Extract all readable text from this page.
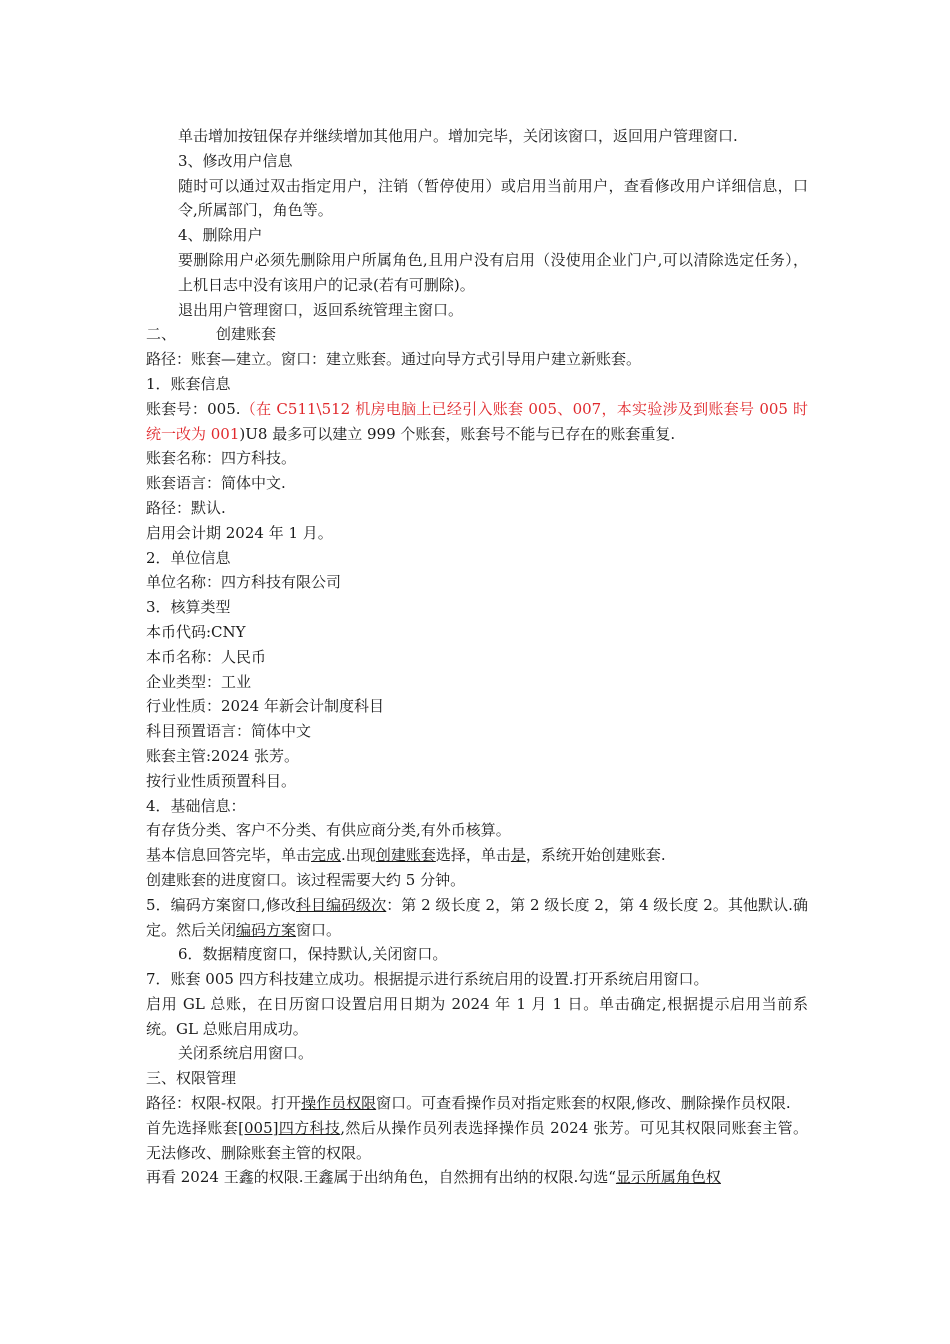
单击增加按钮保存并继续增加其他用户。增加完毕，关闭该窗口，返回用户管理窗口.

3、修改用户信息

随时可以通过双击指定用户，注销（暂停使用）或启用当前用户，查看修改用户详细信息，口令,所属部门，角色等。

4、删除用户

要删除用户必须先删除用户所属角色,且用户没有启用（没使用企业门户,可以清除选定任务），上机日志中没有该用户的记录(若有可删除)。

退出用户管理窗口，返回系统管理主窗口。

二、	创建账套

路径：账套—建立。窗口：建立账套。通过向导方式引导用户建立新账套。

1．账套信息

账套号：005.（在 C511\512 机房电脑上已经引入账套 005、007，本实验涉及到账套号 005 时统一改为 001)U8 最多可以建立 999 个账套，账套号不能与已存在的账套重复.

账套名称：四方科技。

账套语言：简体中文.

路径：默认.

启用会计期 2024 年 1 月。

2．单位信息

单位名称：四方科技有限公司

3．核算类型

本币代码:CNY

本币名称：人民币

企业类型：工业

行业性质：2024 年新会计制度科目

科目预置语言：简体中文

账套主管:2024 张芳。

按行业性质预置科目。

4．基础信息：

有存货分类、客户不分类、有供应商分类,有外币核算。

基本信息回答完毕，单击完成.出现创建账套选择，单击是，系统开始创建账套.

创建账套的进度窗口。该过程需要大约 5 分钟。

5．编码方案窗口,修改科目编码级次：第 2 级长度 2，第 2 级长度 2，第 4 级长度 2。其他默认.确定。然后关闭编码方案窗口。

6．数据精度窗口，保持默认,关闭窗口。

7．账套 005 四方科技建立成功。根据提示进行系统启用的设置.打开系统启用窗口。

启用 GL 总账，在日历窗口设置启用日期为 2024 年 1 月 1 日。单击确定,根据提示启用当前系统。GL 总账启用成功。

关闭系统启用窗口。

三、权限管理

路径：权限-权限。打开操作员权限窗口。可查看操作员对指定账套的权限,修改、删除操作员权限.

首先选择账套[005]四方科技,然后从操作员列表选择操作员 2024 张芳。可见其权限同账套主管。无法修改、删除账套主管的权限。

再看 2024 王鑫的权限.王鑫属于出纳角色，自然拥有出纳的权限.勾选“显示所属角色权
